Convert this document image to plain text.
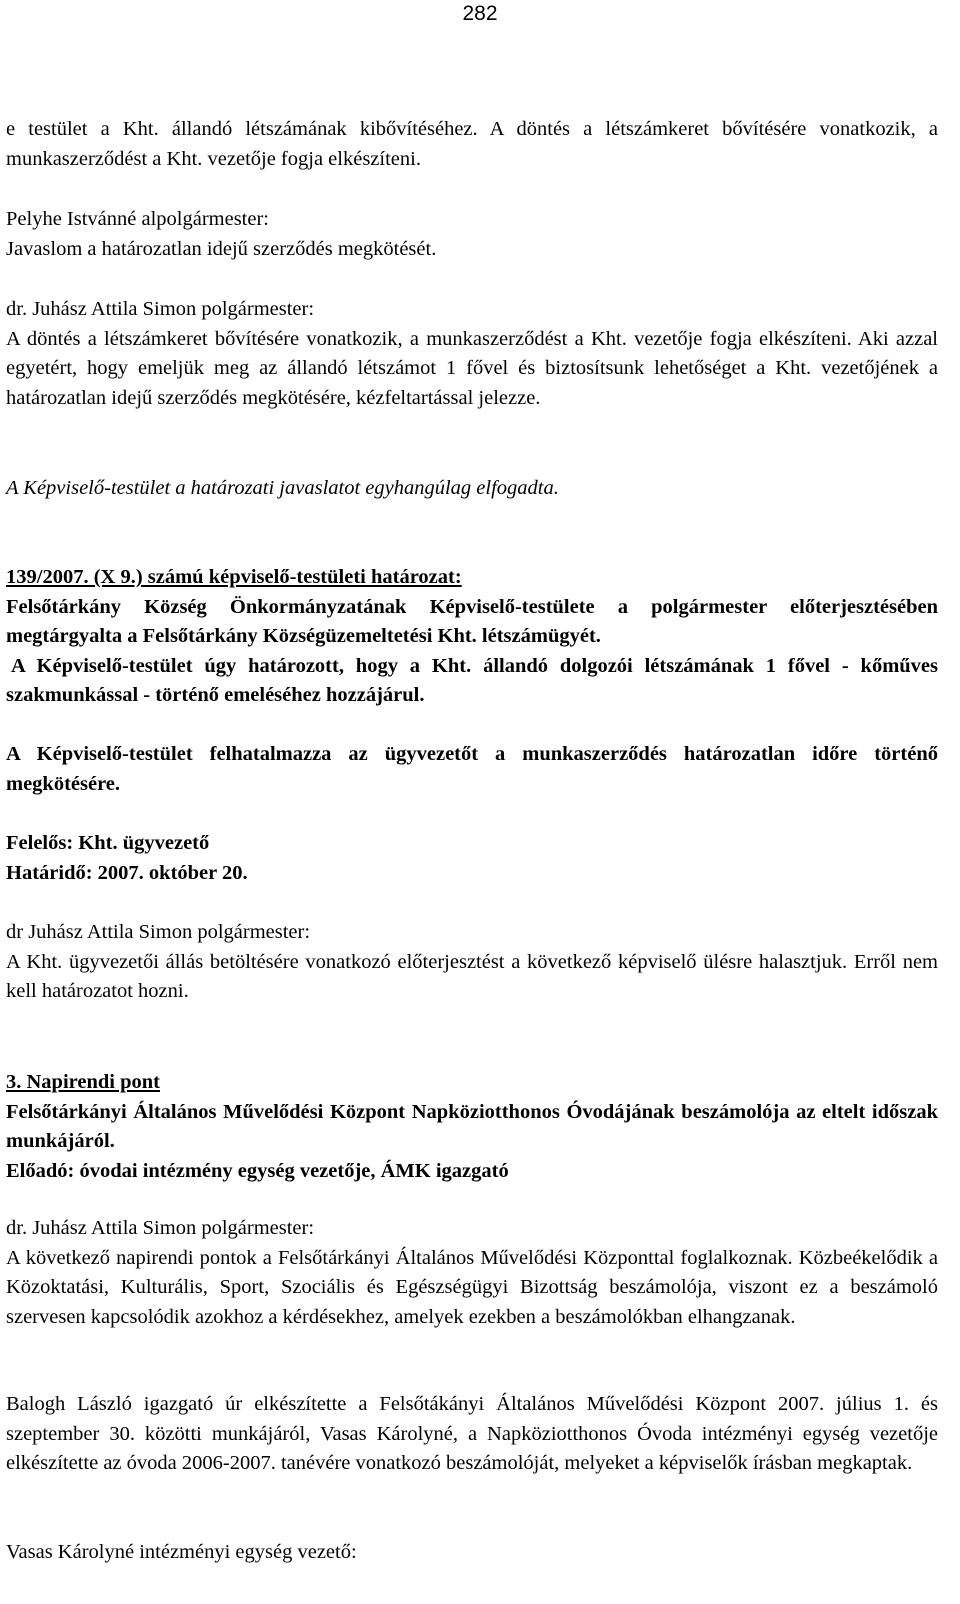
282

e testület a Kht. állandó létszámának kibővítéséhez. A döntés a létszámkeret bővítésére vonatkozik, a munkaszerződést a Kht. vezetője fogja elkészíteni.

Pelyhe Istvánné alpolgármester:
Javaslom a határozatlan idejű szerződés megkötését.
dr. Juhász Attila Simon polgármester:
A döntés a létszámkeret bővítésére vonatkozik, a munkaszerződést a Kht. vezetője fogja elkészíteni. Aki azzal egyetért, hogy emeljük meg az állandó létszámot 1 fővel és biztosítsunk lehetőséget a Kht. vezetőjének a határozatlan idejű szerződés megkötésére, kézfeltartással jelezze.

A Képviselő-testület a határozati javaslatot egyhangúlag elfogadta.

139/2007. (X 9.) számú képviselő-testületi határozat:
Felsőtárkány Község Önkormányzatának Képviselő-testülete a polgármester előterjesztésében megtárgyalta a Felsőtárkány Községüzemeltetési Kht. létszámügyét.
A Képviselő-testület úgy határozott, hogy a Kht. állandó dolgozói létszámának 1 fővel - kőműves szakmunkással - történő emeléséhez hozzájárul.

A Képviselő-testület felhatalmazza az ügyvezetőt a munkaszerződés határozatlan időre történő megkötésére.

Felelős: Kht. ügyvezető
Határidő: 2007. október 20.
dr Juhász Attila Simon polgármester:
A Kht. ügyvezetői állás betöltésére vonatkozó előterjesztést a következő képviselő ülésre halasztjuk. Erről nem kell határozatot hozni.
3. Napirendi pont
Felsőtárkányi Általános Művelődési Központ Napköziotthonos Óvodájának beszámolója az eltelt időszak munkájáról.
Előadó: óvodai intézmény egység vezetője, ÁMK igazgató
dr. Juhász Attila Simon polgármester:
A következő napirendi pontok a Felsőtárkányi Általános Művelődési Központtal foglalkoznak. Közbeékelődik a Közoktatási, Kulturális, Sport, Szociális és Egészségügyi Bizottság beszámolója, viszont ez a beszámoló szervesen kapcsolódik azokhoz a kérdésekhez, amelyek ezekben a beszámolókban elhangzanak.

Balogh László igazgató úr elkészítette a Felsőtákányi Általános Művelődési Központ 2007. július 1. és szeptember 30. közötti munkájáról, Vasas Károlyné, a Napköziotthonos Óvoda intézményi egység vezetője elkészítette az óvoda 2006-2007. tanévére vonatkozó beszámolóját, melyeket a képviselők írásban megkaptak.

Vasas Károlyné intézményi egység vezető:
